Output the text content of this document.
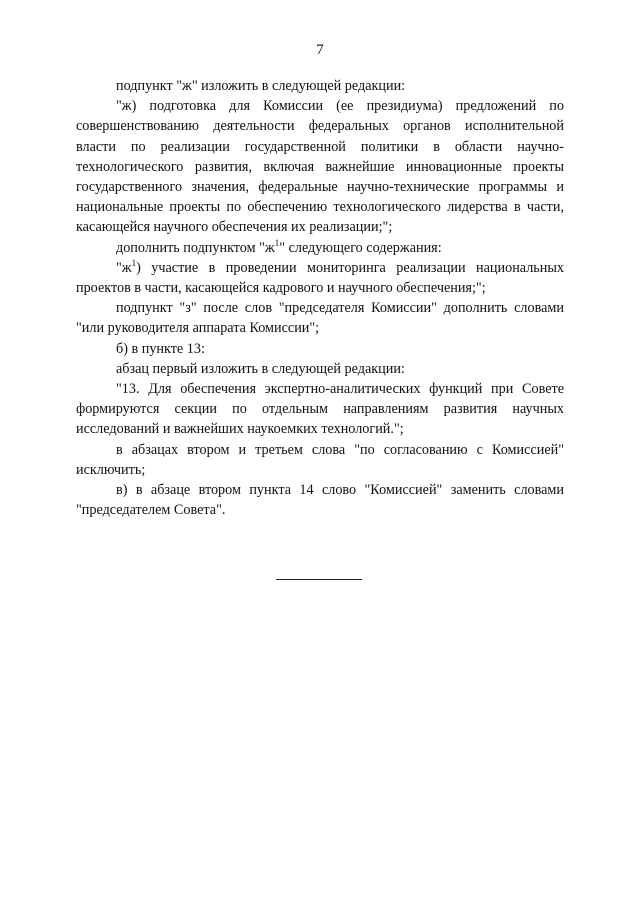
7

подпункт "ж" изложить в следующей редакции:

"ж) подготовка для Комиссии (ее президиума) предложений по совершенствованию деятельности федеральных органов исполнительной власти по реализации государственной политики в области научно-технологического развития, включая важнейшие инновационные проекты государственного значения, федеральные научно-технические программы и национальные проекты по обеспечению технологического лидерства в части, касающейся научного обеспечения их реализации;";

дополнить подпунктом "$ж^1$" следующего содержания:

"$ж^1$) участие в проведении мониторинга реализации национальных проектов в части, касающейся кадрового и научного обеспечения;";

подпункт "з" после слов "председателя Комиссии" дополнить словами "или руководителя аппарата Комиссии";

б) в пункте 13:

абзац первый изложить в следующей редакции:

"13. Для обеспечения экспертно-аналитических функций при Совете формируются секции по отдельным направлениям развития научных исследований и важнейших наукоемких технологий.";

в абзацах втором и третьем слова "по согласованию с Комиссией" исключить;

в) в абзаце втором пункта 14 слово "Комиссией" заменить словами "председателем Совета".
